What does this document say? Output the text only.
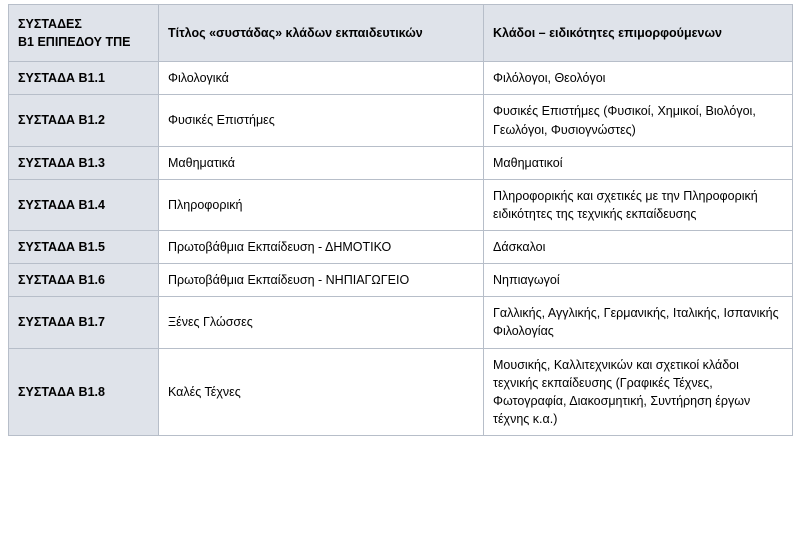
ΣΥΣΤΑΔΕΣ
Β1 ΕΠΙΠΕΔΟΥ ΤΠΕ	Τίτλος «συστάδας» κλάδων εκπαιδευτικών	Κλάδοι – ειδικότητες επιμορφούμενων
ΣΥΣΤΑΔΑ Β1.1	Φιλολογικά	Φιλόλογοι, Θεολόγοι
ΣΥΣΤΑΔΑ Β1.2	Φυσικές Επιστήμες	Φυσικές Επιστήμες (Φυσικοί, Χημικοί, Βιολόγοι, Γεωλόγοι, Φυσιογνώστες)
ΣΥΣΤΑΔΑ Β1.3	Μαθηματικά	Μαθηματικοί
ΣΥΣΤΑΔΑ Β1.4	Πληροφορική	Πληροφορικής και σχετικές με την Πληροφορική ειδικότητες της τεχνικής εκπαίδευσης
ΣΥΣΤΑΔΑ Β1.5	Πρωτοβάθμια Εκπαίδευση - ΔΗΜΟΤΙΚΟ	Δάσκαλοι
ΣΥΣΤΑΔΑ Β1.6	Πρωτοβάθμια Εκπαίδευση - ΝΗΠΙΑΓΩΓΕΙΟ	Νηπιαγωγοί
ΣΥΣΤΑΔΑ Β1.7	Ξένες Γλώσσες	Γαλλικής, Αγγλικής, Γερμανικής, Ιταλικής, Ισπανικής Φιλολογίας
ΣΥΣΤΑΔΑ Β1.8	Καλές Τέχνες	Μουσικής, Καλλιτεχνικών και σχετικοί κλάδοι τεχνικής εκπαίδευσης (Γραφικές Τέχνες, Φωτογραφία, Διακοσμητική, Συντήρηση έργων τέχνης κ.α.)
